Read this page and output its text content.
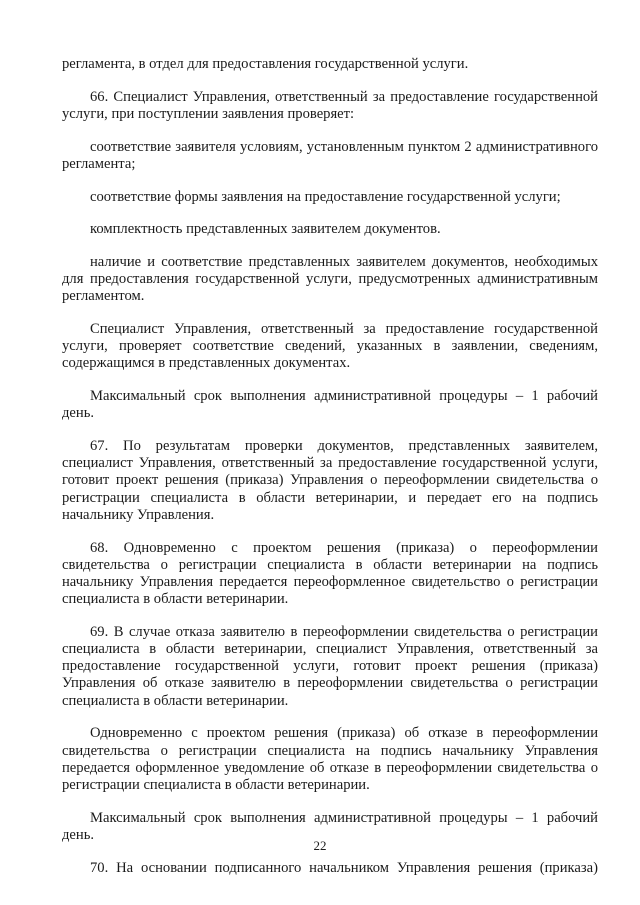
регламента, в отдел для предоставления государственной услуги.

66. Специалист Управления, ответственный за предоставление государственной услуги, при поступлении заявления проверяет:

соответствие заявителя условиям, установленным пунктом 2 административного регламента;

соответствие формы заявления на предоставление государственной услуги;

комплектность представленных заявителем документов.

наличие и соответствие представленных заявителем документов, необходимых для предоставления государственной услуги, предусмотренных административным регламентом.

Специалист Управления, ответственный за предоставление государственной услуги, проверяет соответствие сведений, указанных в заявлении, сведениям, содержащимся в представленных документах.

Максимальный срок выполнения административной процедуры – 1 рабочий день.

67. По результатам проверки документов, представленных заявителем, специалист Управления, ответственный за предоставление государственной услуги, готовит проект решения (приказа) Управления о переоформлении свидетельства о регистрации специалиста в области ветеринарии, и передает его на подпись начальнику Управления.

68. Одновременно с проектом решения (приказа) о переоформлении свидетельства о регистрации специалиста в области ветеринарии на подпись начальнику Управления передается переоформленное свидетельство о регистрации специалиста в области ветеринарии.

69. В случае отказа заявителю в переоформлении свидетельства о регистрации специалиста в области ветеринарии, специалист Управления, ответственный за предоставление государственной услуги, готовит проект решения (приказа) Управления об отказе заявителю в переоформлении свидетельства о регистрации специалиста в области ветеринарии.

Одновременно с проектом решения (приказа) об отказе в переоформлении свидетельства о регистрации специалиста на подпись начальнику Управления передается оформленное уведомление об отказе в переоформлении свидетельства о регистрации специалиста в области ветеринарии.

Максимальный срок выполнения административной процедуры – 1 рабочий день.

70. На основании подписанного начальником Управления решения (приказа)

22
